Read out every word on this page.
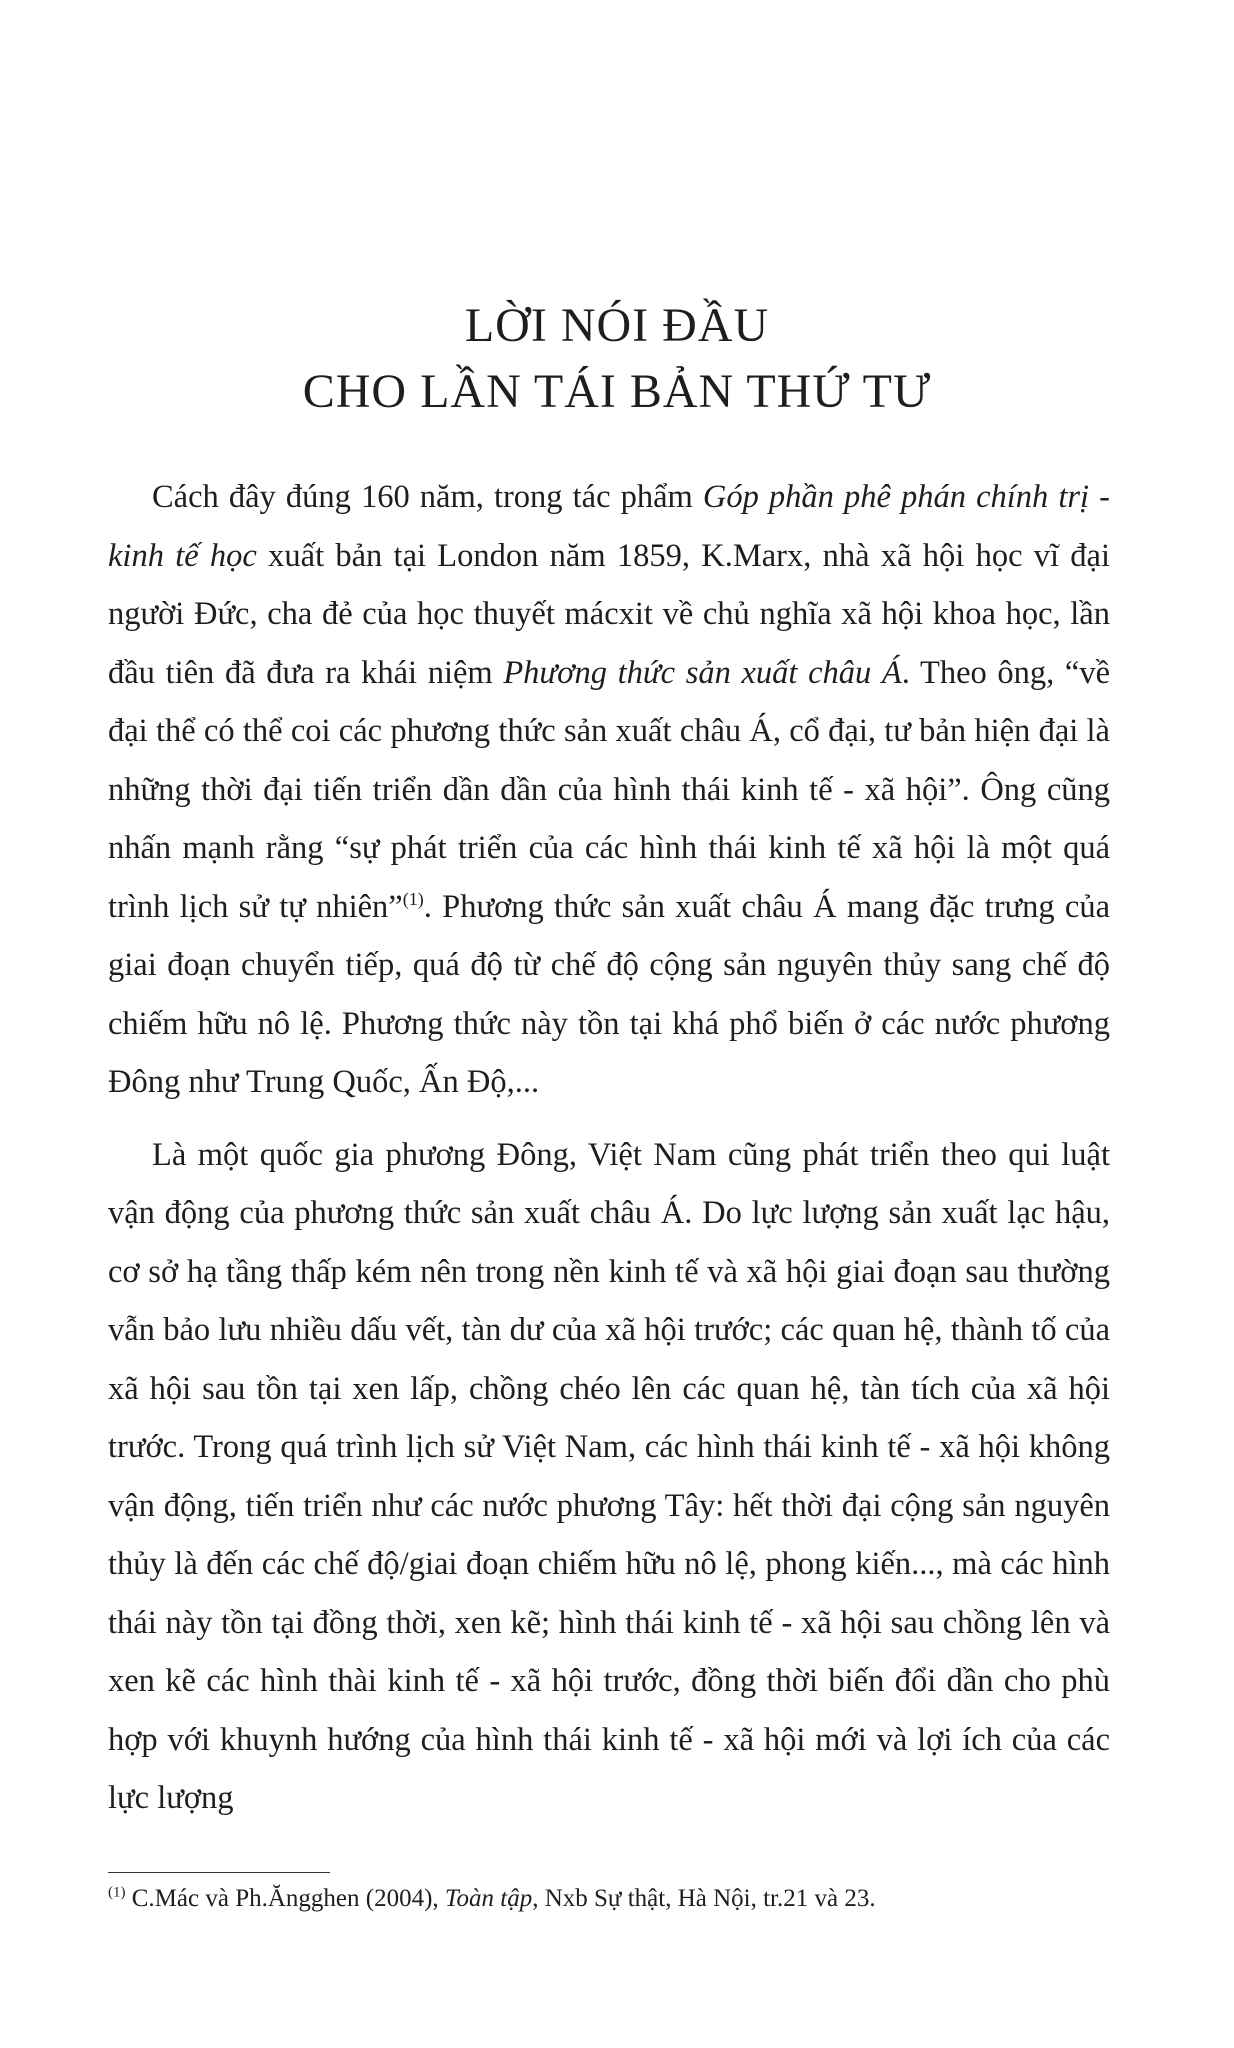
LỜI NÓI ĐẦU
CHO LẦN TÁI BẢN THỨ TƯ

Cách đây đúng 160 năm, trong tác phẩm Góp phần phê phán chính trị - kinh tế học xuất bản tại London năm 1859, K.Marx, nhà xã hội học vĩ đại người Đức, cha đẻ của học thuyết mácxit về chủ nghĩa xã hội khoa học, lần đầu tiên đã đưa ra khái niệm Phương thức sản xuất châu Á. Theo ông, “về đại thể có thể coi các phương thức sản xuất châu Á, cổ đại, tư bản hiện đại là những thời đại tiến triển dần dần của hình thái kinh tế - xã hội”. Ông cũng nhấn mạnh rằng “sự phát triển của các hình thái kinh tế xã hội là một quá trình lịch sử tự nhiên”$^{(1)}$. Phương thức sản xuất châu Á mang đặc trưng của giai đoạn chuyển tiếp, quá độ từ chế độ cộng sản nguyên thủy sang chế độ chiếm hữu nô lệ. Phương thức này tồn tại khá phổ biến ở các nước phương Đông như Trung Quốc, Ấn Độ,...

Là một quốc gia phương Đông, Việt Nam cũng phát triển theo qui luật vận động của phương thức sản xuất châu Á. Do lực lượng sản xuất lạc hậu, cơ sở hạ tầng thấp kém nên trong nền kinh tế và xã hội giai đoạn sau thường vẫn bảo lưu nhiều dấu vết, tàn dư của xã hội trước; các quan hệ, thành tố của xã hội sau tồn tại xen lấp, chồng chéo lên các quan hệ, tàn tích của xã hội trước. Trong quá trình lịch sử Việt Nam, các hình thái kinh tế - xã hội không vận động, tiến triển như các nước phương Tây: hết thời đại cộng sản nguyên thủy là đến các chế độ/giai đoạn chiếm hữu nô lệ, phong kiến..., mà các hình thái này tồn tại đồng thời, xen kẽ; hình thái kinh tế - xã hội sau chồng lên và xen kẽ các hình thài kinh tế - xã hội trước, đồng thời biến đổi dần cho phù hợp với khuynh hướng của hình thái kinh tế - xã hội mới và lợi ích của các lực lượng

$^{(1)}$ C.Mác và Ph.Ăngghen (2004), Toàn tập, Nxb Sự thật, Hà Nội, tr.21 và 23.
